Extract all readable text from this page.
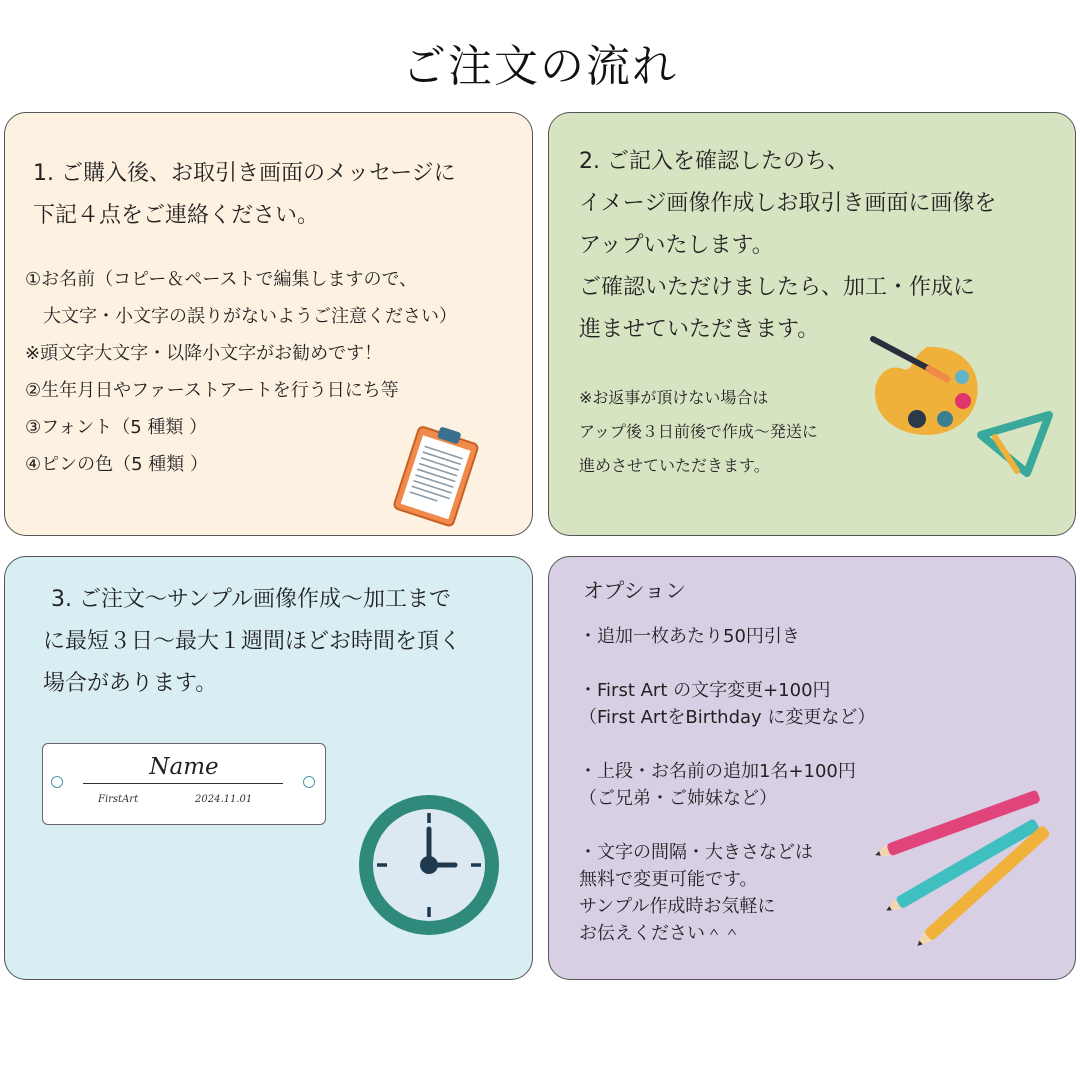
ご注文の流れ
1. ご購入後、お取引き画面のメッセージに
下記４点をご連絡ください。
①お名前（コピー＆ペーストで編集しますので、
　大文字・小文字の誤りがないようご注意ください）
※頭文字大文字・以降小文字がお勧めです！
②生年月日やファーストアートを行う日にち等
③フォント（5 種類 ）
④ピンの色（5 種類 ）
2. ご記入を確認したのち、
イメージ画像作成しお取引き画面に画像を
アップいたします。
ご確認いただけましたら、加工・作成に
進ませていただきます。
※お返事が頂けない場合は
アップ後３日前後で作成〜発送に
進めさせていただきます。
3. ご注文〜サンプル画像作成〜加工まで
に最短３日〜最大１週間ほどお時間を頂く
場合があります。
Name
FirstArt	2024.11.01
オプション
・追加一枚あたり50円引き
・First Art の文字変更+100円
（First ArtをBirthday に変更など）
・上段・お名前の追加1名+100円
（ご兄弟・ご姉妹など）
・文字の間隔・大きさなどは
無料で変更可能です。
サンプル作成時お気軽に
お伝えください＾＾
